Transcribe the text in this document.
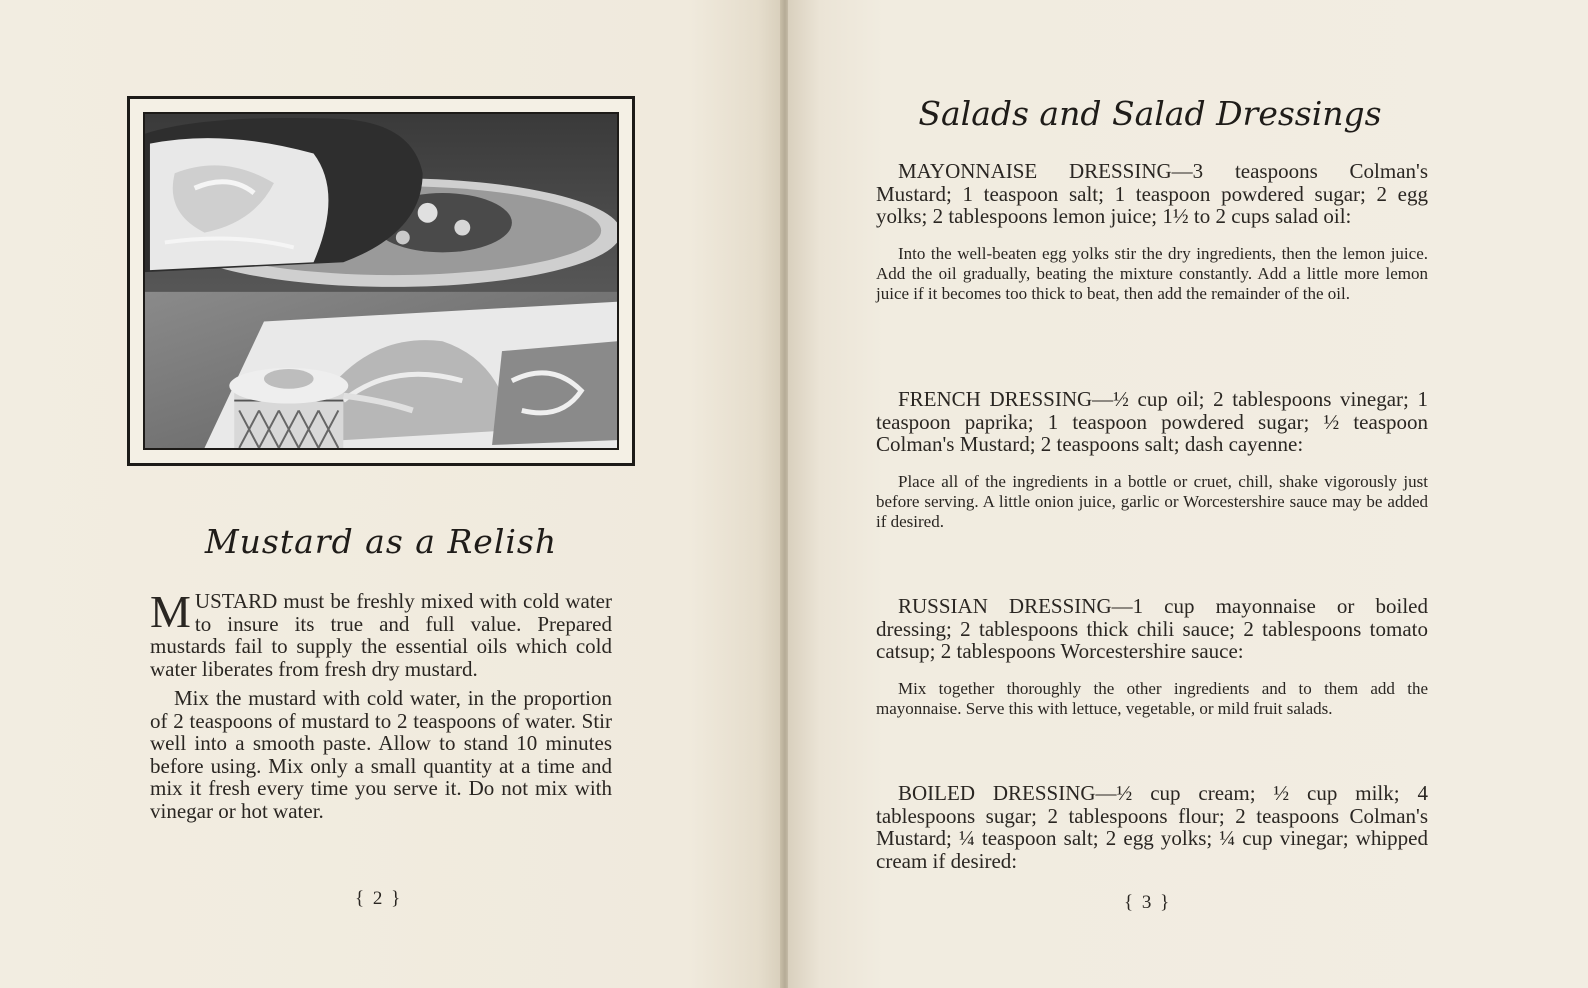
Mustard as a Relish

MUSTARD must be freshly mixed with cold water to insure its true and full value. Prepared mustards fail to supply the essential oils which cold water liberates from fresh dry mustard.

Mix the mustard with cold water, in the proportion of 2 teaspoons of mustard to 2 teaspoons of water. Stir well into a smooth paste. Allow to stand 10 minutes before using. Mix only a small quantity at a time and mix it fresh every time you serve it. Do not mix with vinegar or hot water.

{ 2 }
Salads and Salad Dressings

MAYONNAISE DRESSING—3 teaspoons Colman's Mustard; 1 teaspoon salt; 1 teaspoon powdered sugar; 2 egg yolks; 2 tablespoons lemon juice; 1½ to 2 cups salad oil:

Into the well-beaten egg yolks stir the dry ingredients, then the lemon juice. Add the oil gradually, beating the mixture constantly. Add a little more lemon juice if it becomes too thick to beat, then add the remainder of the oil.

FRENCH DRESSING—½ cup oil; 2 tablespoons vinegar; 1 teaspoon paprika; 1 teaspoon powdered sugar; ½ teaspoon Colman's Mustard; 2 teaspoons salt; dash cayenne:

Place all of the ingredients in a bottle or cruet, chill, shake vigorously just before serving. A little onion juice, garlic or Worcestershire sauce may be added if desired.

RUSSIAN DRESSING—1 cup mayonnaise or boiled dressing; 2 tablespoons thick chili sauce; 2 tablespoons tomato catsup; 2 tablespoons Worcestershire sauce:

Mix together thoroughly the other ingredients and to them add the mayonnaise. Serve this with lettuce, vegetable, or mild fruit salads.

BOILED DRESSING—½ cup cream; ½ cup milk; 4 tablespoons sugar; 2 tablespoons flour; 2 teaspoons Colman's Mustard; ¼ teaspoon salt; 2 egg yolks; ¼ cup vinegar; whipped cream if desired:

{ 3 }
